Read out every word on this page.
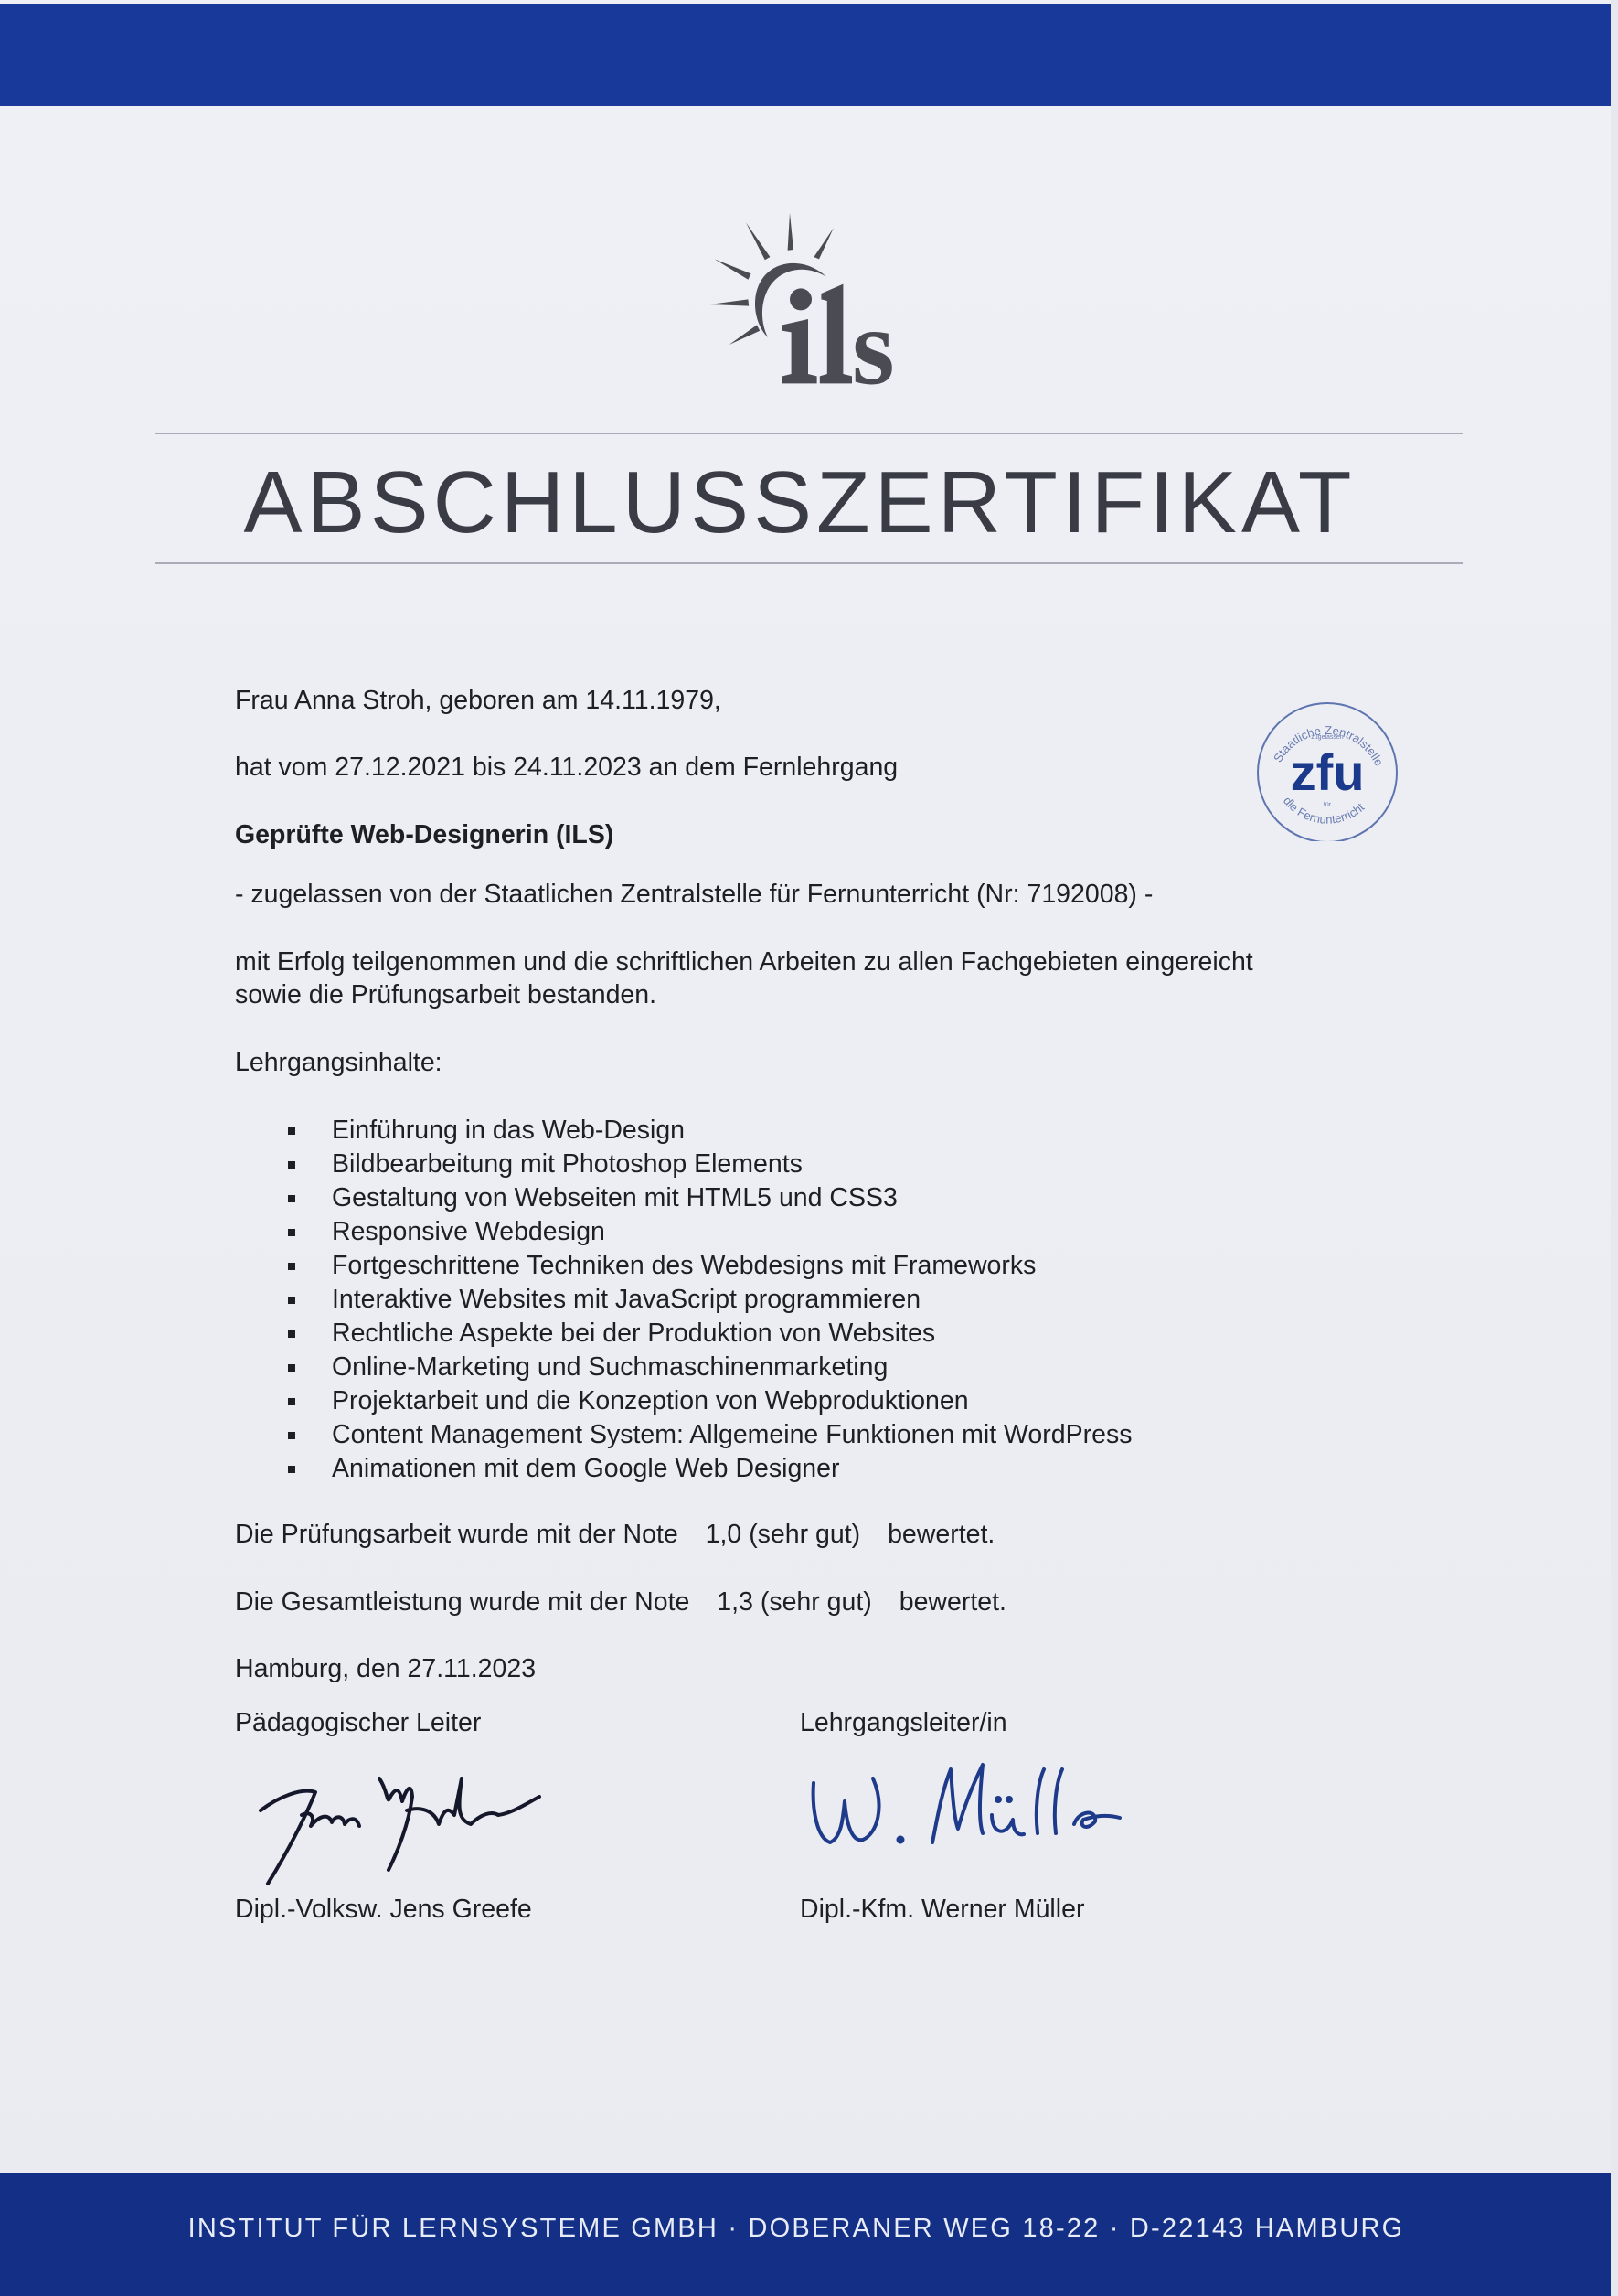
s
ABSCHLUSSZERTIFIKAT
Staatliche Zentralstelle
zugelassen
zfu
für
die Fernunterricht
Frau Anna Stroh, geboren am 14.11.1979,
hat vom 27.12.2021 bis 24.11.2023 an dem Fernlehrgang
Geprüfte Web-Designerin (ILS)
- zugelassen von der Staatlichen Zentralstelle für Fernunterricht (Nr: 7192008) -
mit Erfolg teilgenommen und die schriftlichen Arbeiten zu allen Fachgebieten eingereicht
sowie die Prüfungsarbeit bestanden.
Lehrgangsinhalte:
Einführung in das Web-Design
Bildbearbeitung mit Photoshop Elements
Gestaltung von Webseiten mit HTML5 und CSS3
Responsive Webdesign
Fortgeschrittene Techniken des Webdesigns mit Frameworks
Interaktive Websites mit JavaScript programmieren
Rechtliche Aspekte bei der Produktion von Websites
Online-Marketing und Suchmaschinenmarketing
Projektarbeit und die Konzeption von Webproduktionen
Content Management System: Allgemeine Funktionen mit WordPress
Animationen mit dem Google Web Designer
Die Prüfungsarbeit wurde mit der Note 1,0 (sehr gut) bewertet.
Die Gesamtleistung wurde mit der Note 1,3 (sehr gut) bewertet.
Hamburg, den 27.11.2023
Pädagogischer Leiter	Lehrgangsleiter/in
Dipl.-Volksw. Jens Greefe	Dipl.-Kfm. Werner Müller
INSTITUT FÜR LERNSYSTEME GMBH · DOBERANER WEG 18-22 · D-22143 HAMBURG
